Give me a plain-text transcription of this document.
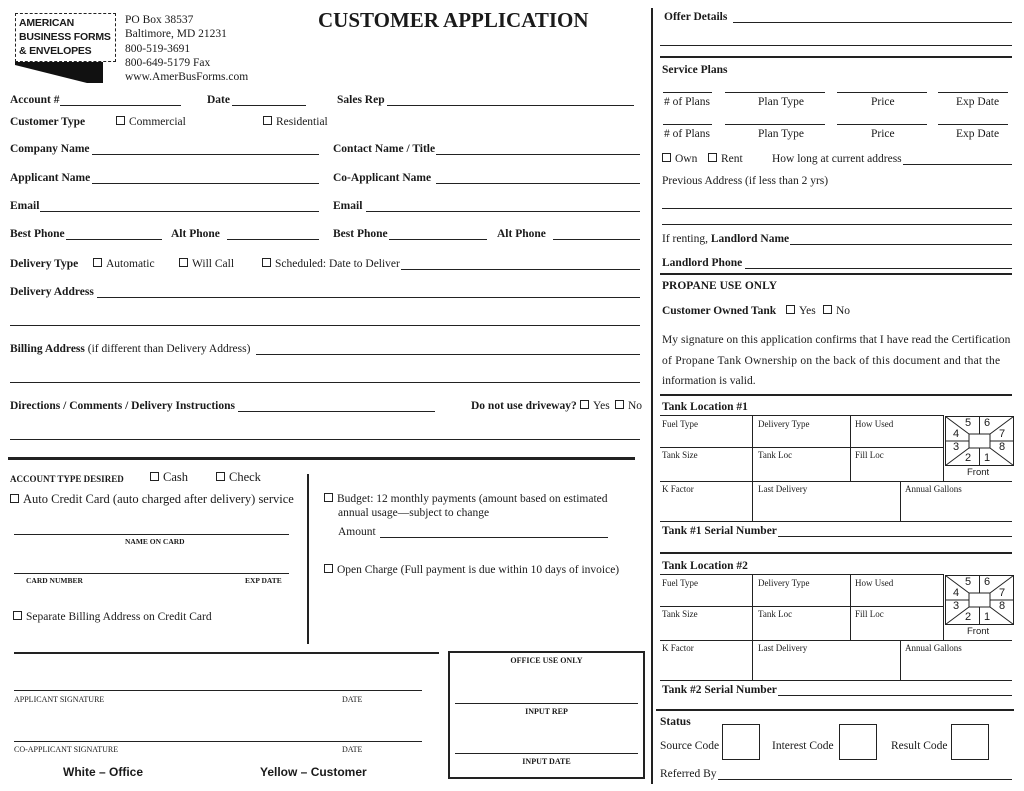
AMERICAN
BUSINESS FORMS
& ENVELOPES
PO Box 38537
Baltimore, MD 21231
800-519-3691
800-649-5179 Fax
www.AmerBusForms.com
CUSTOMER APPLICATION
Account #	Date	Sales Rep
Customer Type	Commercial	Residential
Company Name	Contact Name / Title
Applicant Name	Co-Applicant Name
Email	Email
Best Phone	Alt Phone	Best Phone	Alt Phone
Delivery Type	Automatic	Will Call	Scheduled: Date to Deliver
Delivery Address
Billing Address (if different than Delivery Address)
Directions / Comments / Delivery Instructions	Do not use driveway?	Yes	No
ACCOUNT TYPE DESIRED	Cash	Check
Auto Credit Card (auto charged after delivery) service
NAME ON CARD
CARD NUMBER	EXP DATE
Separate Billing Address on Credit Card
Budget: 12 monthly payments (amount based on estimated
annual usage—subject to change
Amount
Open Charge (Full payment is due within 10 days of invoice)
APPLICANT SIGNATURE	DATE
CO-APPLICANT SIGNATURE	DATE
White – Office	Yellow – Customer
OFFICE USE ONLY
INPUT REP
INPUT DATE
Offer Details
Service Plans
# of Plans	Plan Type	Price	Exp Date
# of Plans	Plan Type	Price	Exp Date
Own	Rent	How long at current address
Previous Address (if less than 2 yrs)
If renting, Landlord Name
Landlord Phone
PROPANE USE ONLY
Customer Owned Tank	Yes	No
My signature on this application confirms that I have read the Certification
of Propane Tank Ownership on the back of this document and that the
information is valid.
Tank Location #1
Fuel Type	Delivery Type	How Used
Tank Size	Tank Loc	Fill Loc
K Factor	Last Delivery	Annual Gallons
5 6
4	7
3	8
2 1
Front
Tank #1 Serial Number
Tank Location #2
Fuel Type	Delivery Type	How Used
Tank Size	Tank Loc	Fill Loc
K Factor	Last Delivery	Annual Gallons
5 6
4	7
3	8
2 1
Front
Tank #2 Serial Number
Status
Source Code	Interest Code	Result Code
Referred By
